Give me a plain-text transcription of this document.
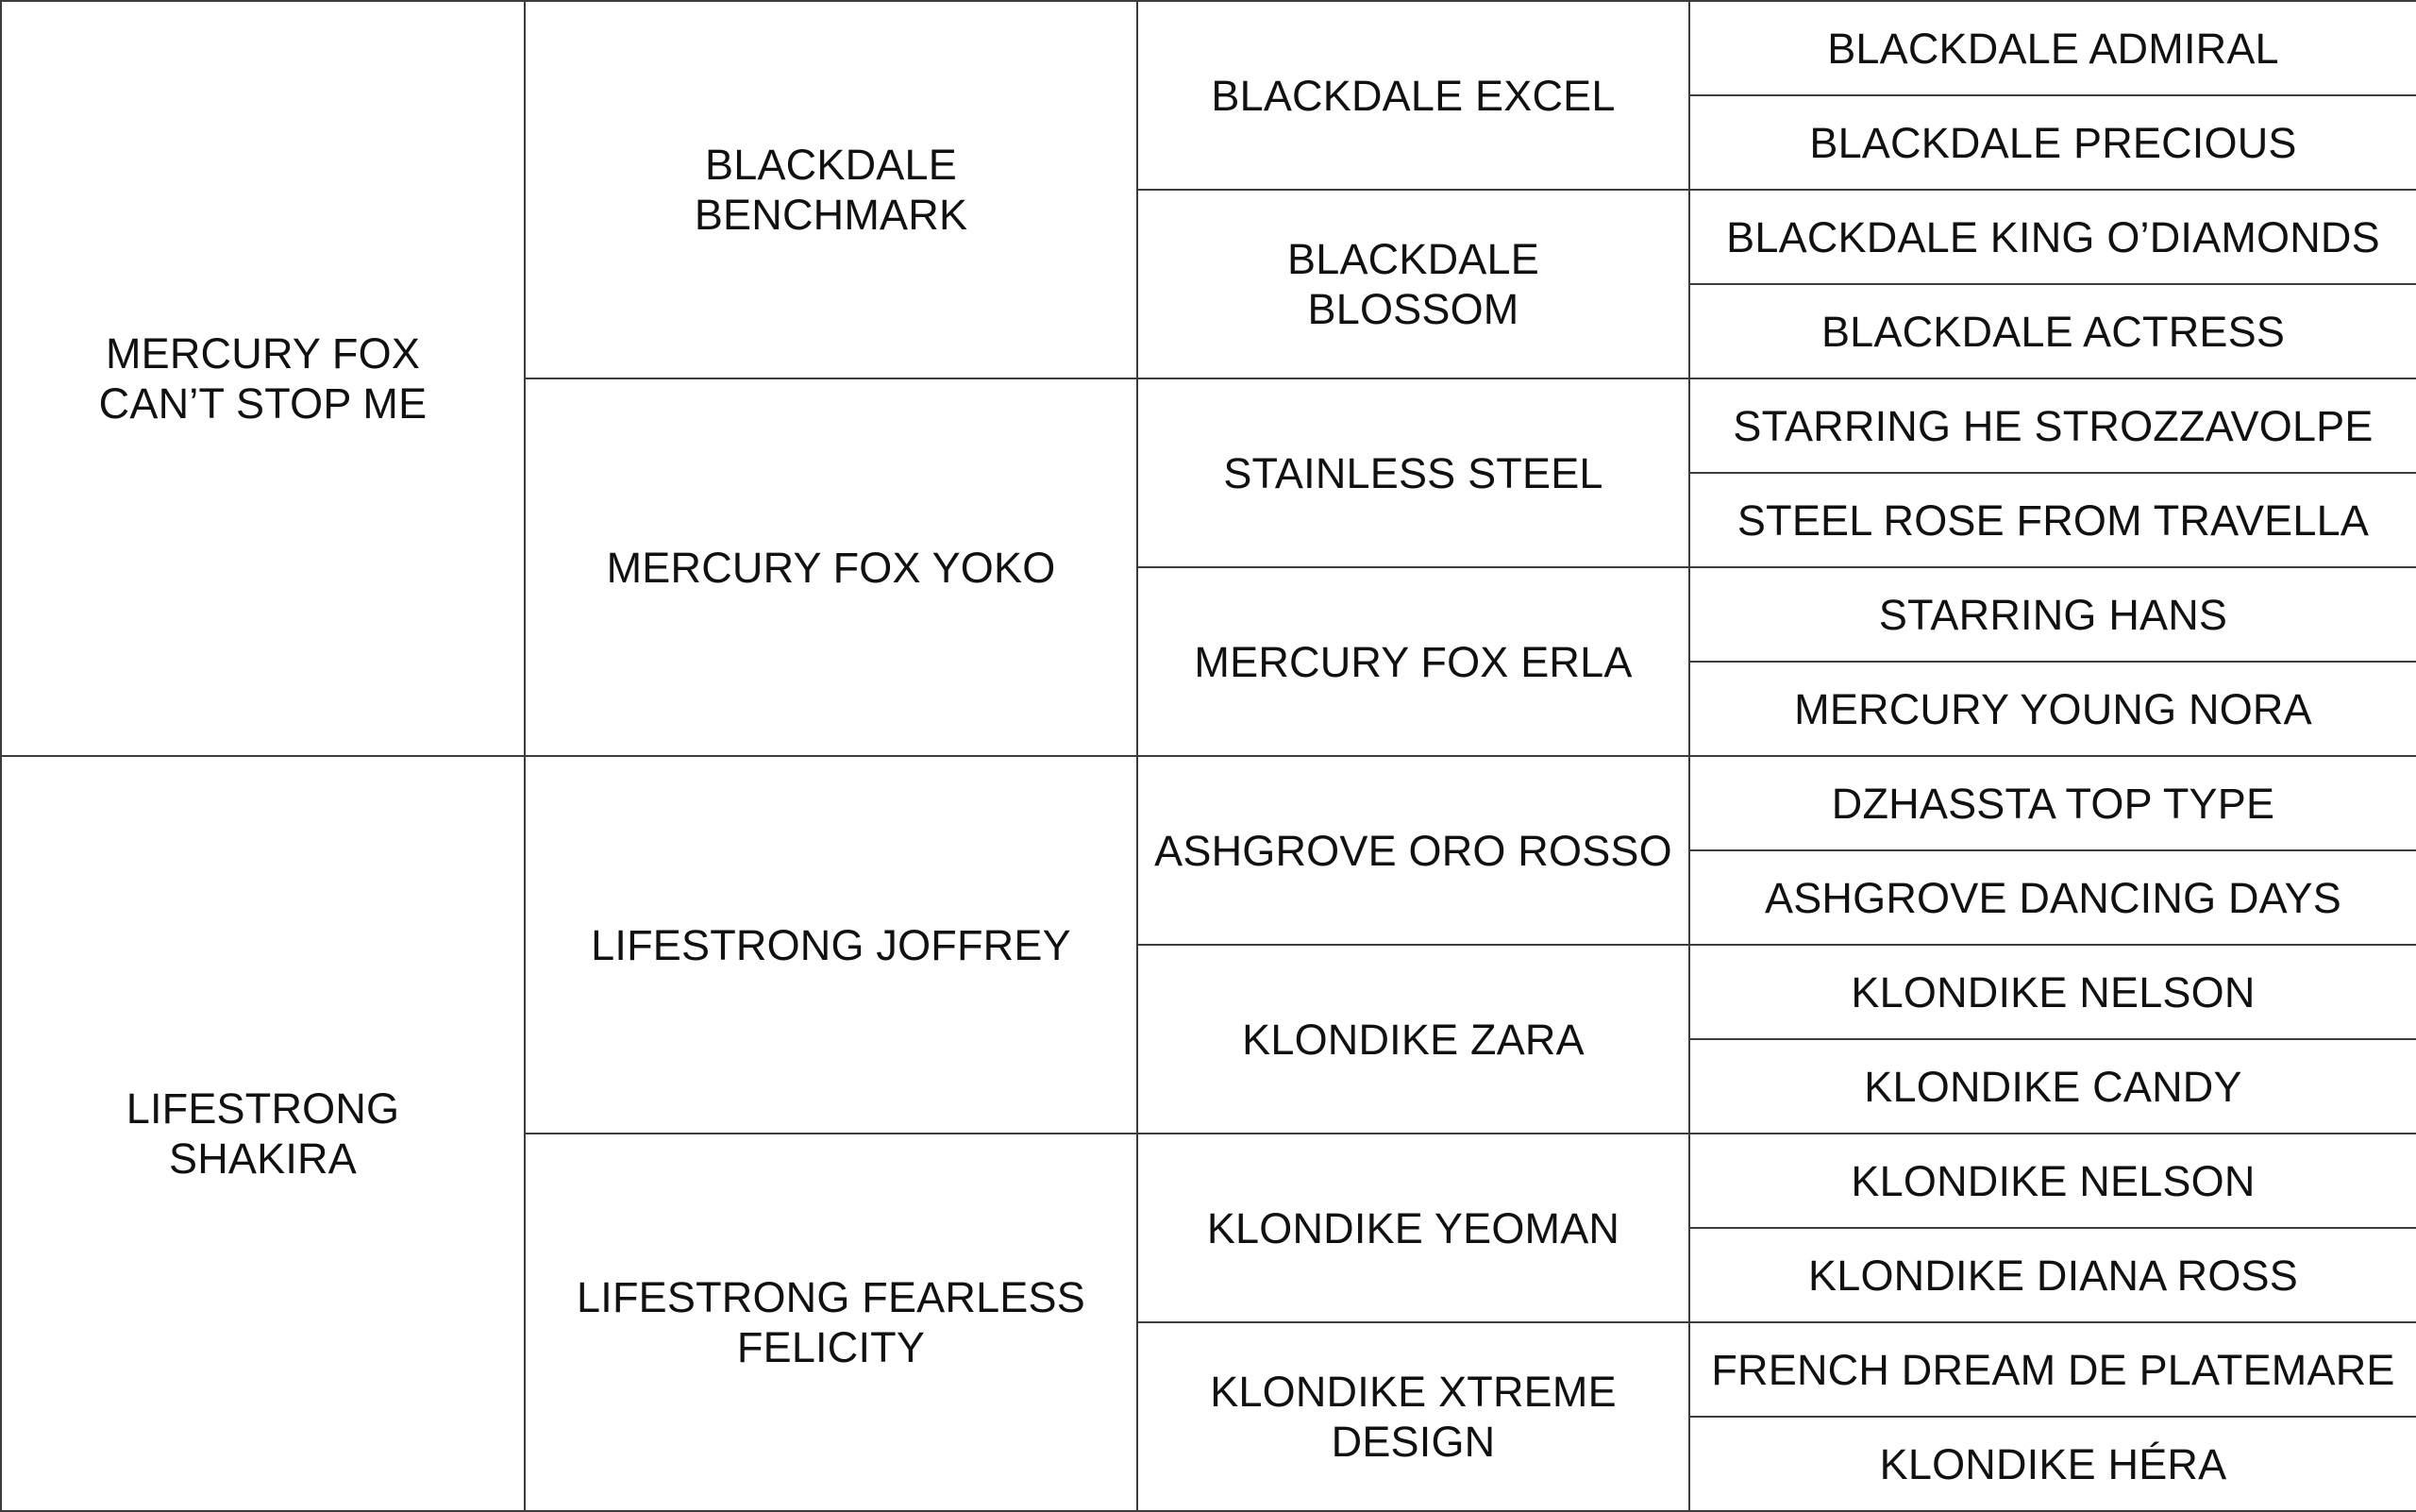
MERCURY FOX CAN’T STOP ME
LIFESTRONG SHAKIRA
BLACKDALE BENCHMARK
MERCURY FOX YOKO
LIFESTRONG JOFFREY
LIFESTRONG FEARLESS FELICITY
BLACKDALE EXCEL
BLACKDALE BLOSSOM
STAINLESS STEEL
MERCURY FOX ERLA
ASHGROVE ORO ROSSO
KLONDIKE ZARA
KLONDIKE YEOMAN
KLONDIKE XTREME DESIGN
BLACKDALE ADMIRAL
BLACKDALE PRECIOUS
BLACKDALE KING O’DIAMONDS
BLACKDALE ACTRESS
STARRING HE STROZZAVOLPE
STEEL ROSE FROM TRAVELLA
STARRING HANS
MERCURY YOUNG NORA
DZHASSTA TOP TYPE
ASHGROVE DANCING DAYS
KLONDIKE NELSON
KLONDIKE CANDY
KLONDIKE NELSON
KLONDIKE DIANA ROSS
FRENCH DREAM DE PLATEMARE
KLONDIKE HÉRA
